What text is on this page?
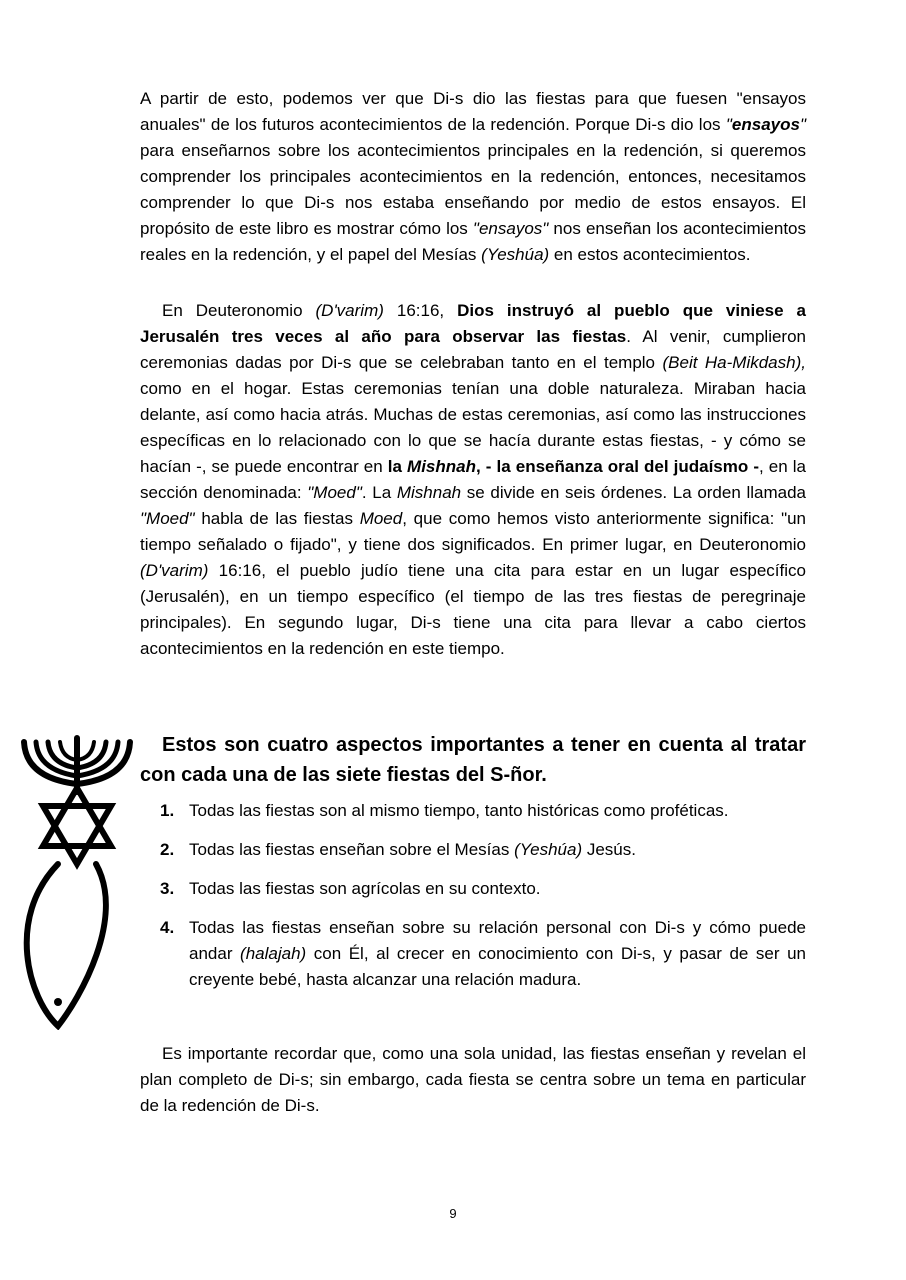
A partir de esto, podemos ver que Di-s dio las fiestas para que fuesen "ensayos anuales" de los futuros acontecimientos de la redención. Porque Di-s dio los "ensayos" para enseñarnos sobre los acontecimientos principales en la redención, si queremos comprender los principales acontecimientos en la redención, entonces, necesitamos comprender lo que Di-s nos estaba enseñando por medio de estos ensayos. El propósito de este libro es mostrar cómo los "ensayos" nos enseñan los acontecimientos reales en la redención, y el papel del Mesías (Yeshúa) en estos acontecimientos.

En Deuteronomio (D'varim) 16:16, Dios instruyó al pueblo que viniese a Jerusalén tres veces al año para observar las fiestas. Al venir, cumplieron ceremonias dadas por Di-s que se celebraban tanto en el templo (Beit Ha-Mikdash), como en el hogar. Estas ceremonias tenían una doble naturaleza. Miraban hacia delante, así como hacia atrás. Muchas de estas ceremonias, así como las instrucciones específicas en lo relacionado con lo que se hacía durante estas fiestas, - y cómo se hacían -, se puede encontrar en la Mishnah, - la enseñanza oral del judaísmo -, en la sección denominada: "Moed". La Mishnah se divide en seis órdenes. La orden llamada "Moed" habla de las fiestas Moed, que como hemos visto anteriormente significa: "un tiempo señalado o fijado", y tiene dos significados. En primer lugar, en Deuteronomio (D'varim) 16:16, el pueblo judío tiene una cita para estar en un lugar específico (Jerusalén), en un tiempo específico (el tiempo de las tres fiestas de peregrinaje principales). En segundo lugar, Di-s tiene una cita para llevar a cabo ciertos acontecimientos en la redención en este tiempo.

Estos son cuatro aspectos importantes a tener en cuenta al tratar con cada una de las siete fiestas del S-ñor.

1. Todas las fiestas son al mismo tiempo, tanto históricas como proféticas.
2. Todas las fiestas enseñan sobre el Mesías (Yeshúa) Jesús.
3. Todas las fiestas son agrícolas en su contexto.
4. Todas las fiestas enseñan sobre su relación personal con Di-s y cómo puede andar (halajah) con Él, al crecer en conocimiento con Di-s, y pasar de ser un creyente bebé, hasta alcanzar una relación madura.

Es importante recordar que, como una sola unidad, las fiestas enseñan y revelan el plan completo de Di-s; sin embargo, cada fiesta se centra sobre un tema en particular de la redención de Di-s.

9
